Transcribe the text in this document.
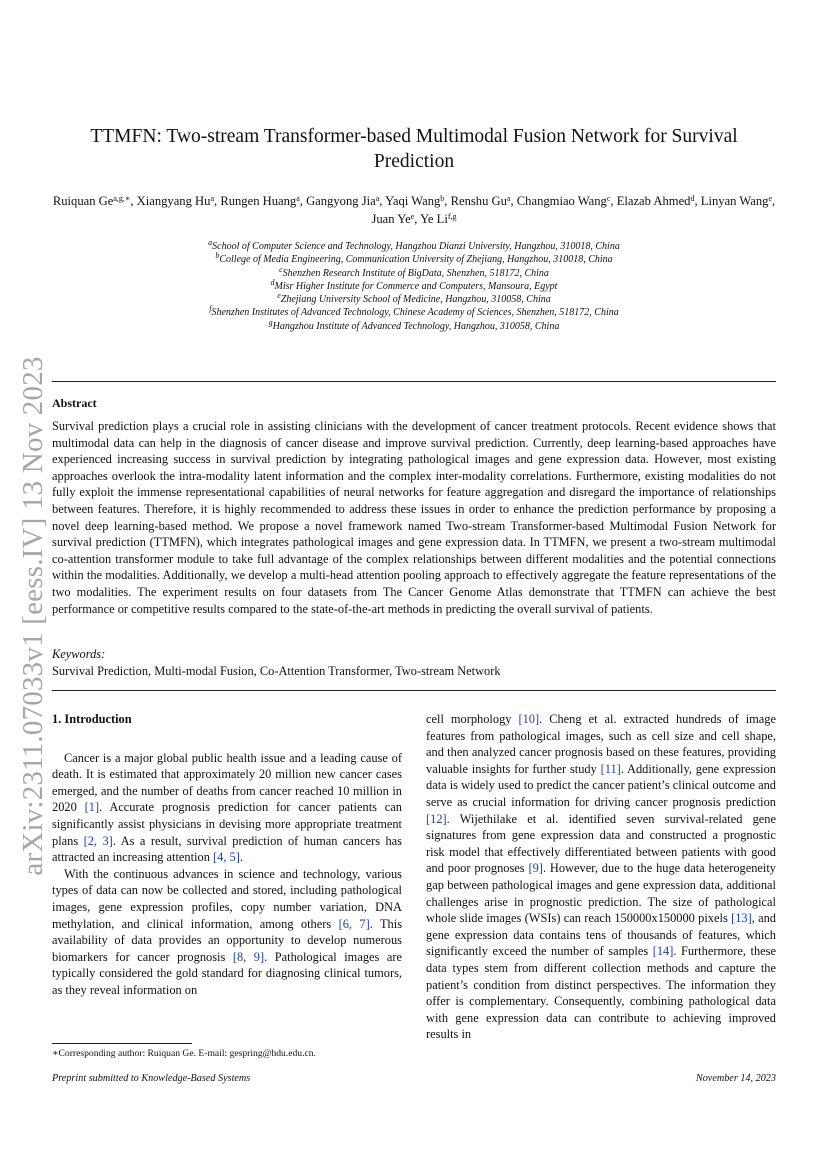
arXiv:2311.07033v1 [eess.IV] 13 Nov 2023
TTMFN: Two-stream Transformer-based Multimodal Fusion Network for Survival Prediction
Ruiquan $Ge^{a,g,∗}$, Xiangyang Hu$^a$, Rungen Huang$^a$, Gangyong Jia$^a$, Yaqi Wang$^b$, Renshu Gu$^a$, Changmiao Wang$^c$, Elazab Ahmed$^d$, Linyan Wang$^e$, Juan Ye$^e$, Ye Li$^{f,g}$
$^a$School of Computer Science and Technology, Hangzhou Dianzi University, Hangzhou, 310018, China
$^b$College of Media Engineering, Communication University of Zhejiang, Hangzhou, 310018, China
$^c$Shenzhen Research Institute of BigData, Shenzhen, 518172, China
$^d$Misr Higher Institute for Commerce and Computers, Mansoura, Egypt
$^e$Zhejiang University School of Medicine, Hangzhou, 310058, China
$^f$Shenzhen Institutes of Advanced Technology, Chinese Academy of Sciences, Shenzhen, 518172, China
$^g$Hangzhou Institute of Advanced Technology, Hangzhou, 310058, China
Abstract
Survival prediction plays a crucial role in assisting clinicians with the development of cancer treatment protocols. Recent evidence shows that multimodal data can help in the diagnosis of cancer disease and improve survival prediction. Currently, deep learning-based approaches have experienced increasing success in survival prediction by integrating pathological images and gene expression data. However, most existing approaches overlook the intra-modality latent information and the complex inter-modality correlations. Furthermore, existing modalities do not fully exploit the immense representational capabilities of neural networks for feature aggregation and disregard the importance of relationships between features. Therefore, it is highly recommended to address these issues in order to enhance the prediction performance by proposing a novel deep learning-based method. We propose a novel framework named Two-stream Transformer-based Multimodal Fusion Network for survival prediction (TTMFN), which integrates pathological images and gene expression data. In TTMFN, we present a two-stream multimodal co-attention transformer module to take full advantage of the complex relationships between different modalities and the potential connections within the modalities. Additionally, we develop a multi-head attention pooling approach to effectively aggregate the feature representations of the two modalities. The experiment results on four datasets from The Cancer Genome Atlas demonstrate that TTMFN can achieve the best performance or competitive results compared to the state-of-the-art methods in predicting the overall survival of patients.
Keywords:
Survival Prediction, Multi-modal Fusion, Co-Attention Transformer, Two-stream Network
1. Introduction

Cancer is a major global public health issue and a leading cause of death. It is estimated that approximately 20 million new cancer cases emerged, and the number of deaths from cancer reached 10 million in 2020 [1]. Accurate prognosis prediction for cancer patients can significantly assist physicians in devising more appropriate treatment plans [2, 3]. As a result, survival prediction of human cancers has attracted an increasing attention [4, 5].

With the continuous advances in science and technology, various types of data can now be collected and stored, including pathological images, gene expression profiles, copy number variation, DNA methylation, and clinical information, among others [6, 7]. This availability of data provides an opportunity to develop numerous biomarkers for cancer prognosis [8, 9]. Pathological images are typically considered the gold standard for diagnosing clinical tumors, as they reveal information on

cell morphology [10]. Cheng et al. extracted hundreds of image features from pathological images, such as cell size and cell shape, and then analyzed cancer prognosis based on these features, providing valuable insights for further study [11]. Additionally, gene expression data is widely used to predict the cancer patient’s clinical outcome and serve as crucial information for driving cancer prognosis prediction [12]. Wijethilake et al. identified seven survival-related gene signatures from gene expression data and constructed a prognostic risk model that effectively differentiated between patients with good and poor prognoses [9]. However, due to the huge data heterogeneity gap between pathological images and gene expression data, additional challenges arise in prognostic prediction. The size of pathological whole slide images (WSIs) can reach 150000x150000 pixels [13], and gene expression data contains tens of thousands of features, which significantly exceed the number of samples [14]. Furthermore, these data types stem from different collection methods and capture the patient’s condition from distinct perspectives. The information they offer is complementary. Consequently, combining pathological data with gene expression data can contribute to achieving improved results in

∗Corresponding author: Ruiquan Ge. E-mail: gespring@hdu.edu.cn.
Preprint submitted to Knowledge-Based Systems	November 14, 2023
